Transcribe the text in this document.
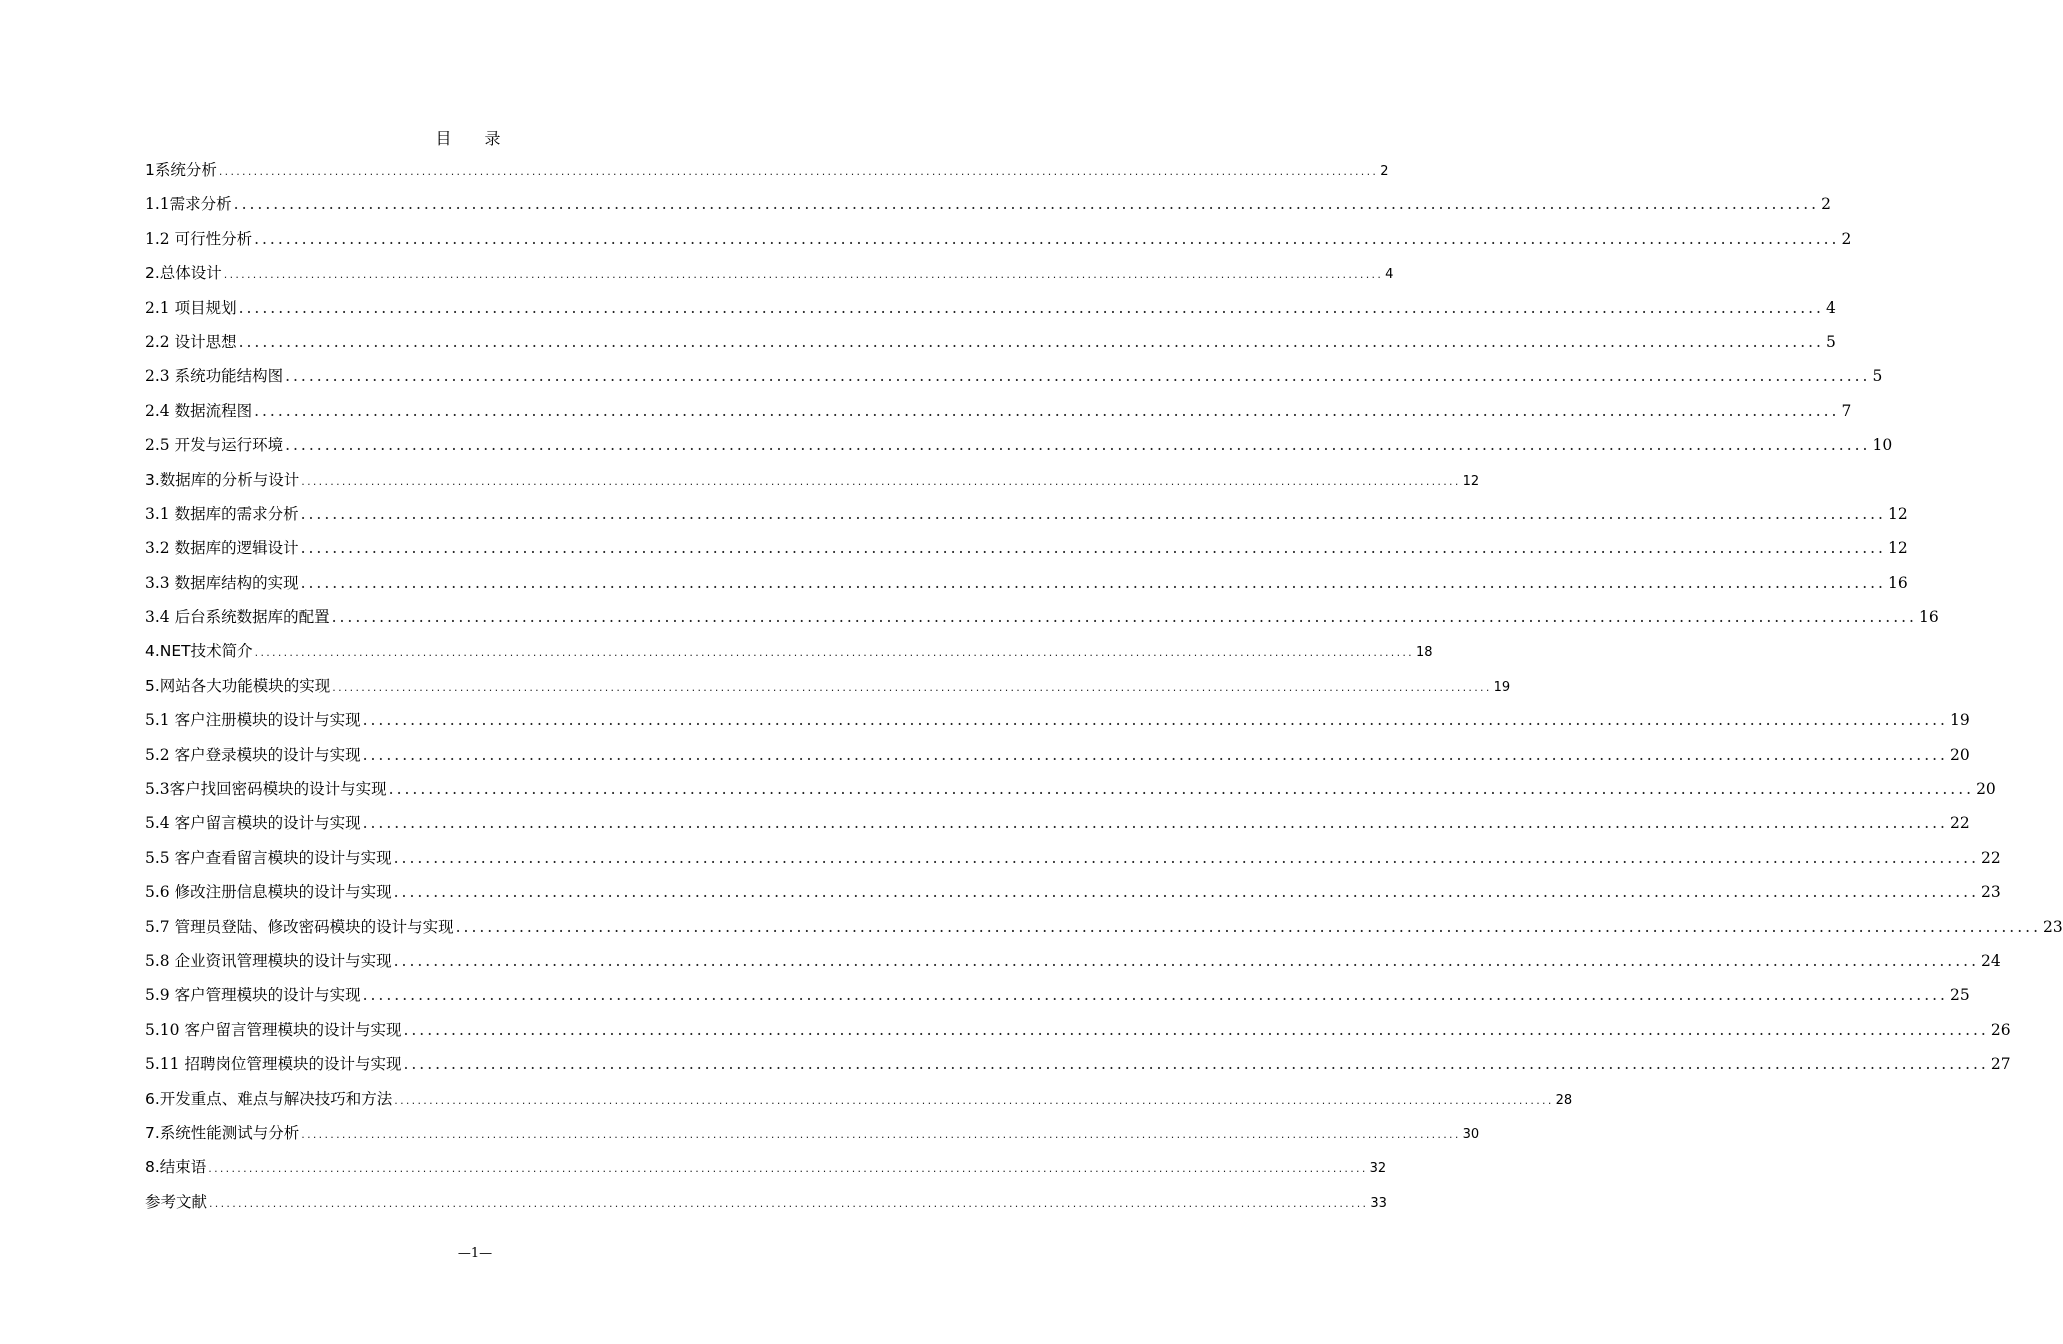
目 录
1系统分析 ........................................................................................................................................................................................................ 2
1.1需求分析 ........................................................................................................................................................................................................ 2
1.2 可行性分析 ........................................................................................................................................................................................................ 2
2.总体设计 ........................................................................................................................................................................................................ 4
2.1 项目规划 ........................................................................................................................................................................................................ 4
2.2 设计思想 ........................................................................................................................................................................................................ 5
2.3 系统功能结构图 ........................................................................................................................................................................................................ 5
2.4 数据流程图 ........................................................................................................................................................................................................ 7
2.5 开发与运行环境 ........................................................................................................................................................................................................ 10
3.数据库的分析与设计 ........................................................................................................................................................................................................ 12
3.1 数据库的需求分析 ........................................................................................................................................................................................................ 12
3.2 数据库的逻辑设计 ........................................................................................................................................................................................................ 12
3.3 数据库结构的实现 ........................................................................................................................................................................................................ 16
3.4 后台系统数据库的配置 ........................................................................................................................................................................................................ 16
4.NET技术简介 ........................................................................................................................................................................................................ 18
5.网站各大功能模块的实现 ........................................................................................................................................................................................................ 19
5.1 客户注册模块的设计与实现 ........................................................................................................................................................................................................ 19
5.2 客户登录模块的设计与实现 ........................................................................................................................................................................................................ 20
5.3客户找回密码模块的设计与实现 ........................................................................................................................................................................................................ 20
5.4 客户留言模块的设计与实现 ........................................................................................................................................................................................................ 22
5.5 客户查看留言模块的设计与实现 ........................................................................................................................................................................................................ 22
5.6 修改注册信息模块的设计与实现 ........................................................................................................................................................................................................ 23
5.7 管理员登陆、修改密码模块的设计与实现 ........................................................................................................................................................................................................ 23
5.8 企业资讯管理模块的设计与实现 ........................................................................................................................................................................................................ 24
5.9 客户管理模块的设计与实现 ........................................................................................................................................................................................................ 25
5.10 客户留言管理模块的设计与实现 ........................................................................................................................................................................................................ 26
5.11 招聘岗位管理模块的设计与实现 ........................................................................................................................................................................................................ 27
6.开发重点、难点与解决技巧和方法 ........................................................................................................................................................................................................ 28
7.系统性能测试与分析 ........................................................................................................................................................................................................ 30
8.结束语 ........................................................................................................................................................................................................ 32
参考文献 ........................................................................................................................................................................................................ 33
—1—
